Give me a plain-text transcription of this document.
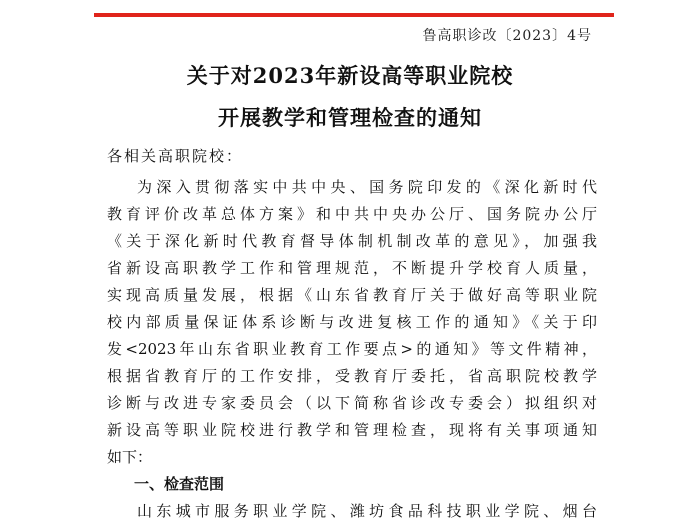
鲁高职诊改〔2023〕4号
关于对2023年新设高等职业院校
开展教学和管理检查的通知
各相关高职院校：
为深入贯彻落实中共中央、国务院印发的《深化新时代
教育评价改革总体方案》和中共中央办公厅、国务院办公厅
《关于深化新时代教育督导体制机制改革的意见》，加强我
省新设高职教学工作和管理规范，不断提升学校育人质量，
实现高质量发展，根据《山东省教育厅关于做好高等职业院
校内部质量保证体系诊断与改进复核工作的通知》《关于印
发<2023年山东省职业教育工作要点>的通知》等文件精神，
根据省教育厅的工作安排，受教育厅委托，省高职院校教学
诊断与改进专家委员会（以下简称省诊改专委会）拟组织对
新设高等职业院校进行教学和管理检查，现将有关事项通知
如下：
一、检查范围
山东城市服务职业学院、潍坊食品科技职业学院、烟台
